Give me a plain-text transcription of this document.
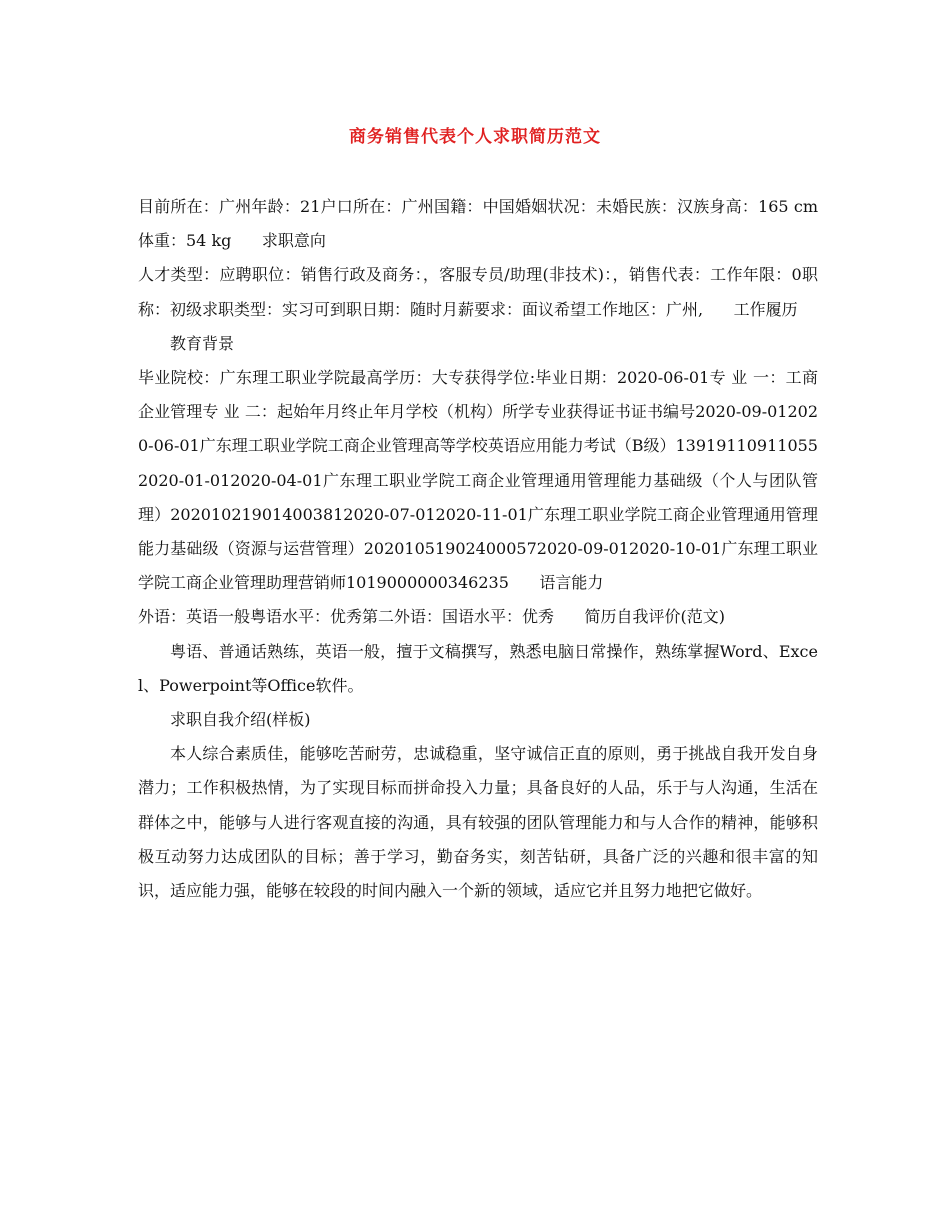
商务销售代表个人求职简历范文

目前所在：广州年龄：21户口所在：广州国籍：中国婚姻状况：未婚民族：汉族身高：165 cm体重：54 kg      求职意向

人才类型：应聘职位：销售行政及商务：，客服专员/助理(非技术)：，销售代表：工作年限：0职称：初级求职类型：实习可到职日期：随时月薪要求：面议希望工作地区：广州,      工作履历

教育背景

毕业院校：广东理工职业学院最高学历：大专获得学位:毕业日期：2020-06-01专 业 一：工商企业管理专 业 二：起始年月终止年月学校（机构）所学专业获得证书证书编号2020-09-012020-06-01广东理工职业学院工商企业管理高等学校英语应用能力考试（B级）139191109110552020-01-012020-04-01广东理工职业学院工商企业管理通用管理能力基础级（个人与团队管理）202010219014003812020-07-012020-11-01广东理工职业学院工商企业管理通用管理能力基础级（资源与运营管理）202010519024000572020-09-012020-10-01广东理工职业学院工商企业管理助理营销师1019000000346235      语言能力

外语：英语一般粤语水平：优秀第二外语：国语水平：优秀      简历自我评价(范文)

粤语、普通话熟练，英语一般，擅于文稿撰写，熟悉电脑日常操作，熟练掌握Word、Excel、Powerpoint等Office软件。

求职自我介绍(样板)

本人综合素质佳，能够吃苦耐劳，忠诚稳重，坚守诚信正直的原则，勇于挑战自我开发自身潜力；工作积极热情，为了实现目标而拼命投入力量；具备良好的人品，乐于与人沟通，生活在群体之中，能够与人进行客观直接的沟通，具有较强的团队管理能力和与人合作的精神，能够积极互动努力达成团队的目标；善于学习，勤奋务实，刻苦钻研，具备广泛的兴趣和很丰富的知识，适应能力强，能够在较段的时间内融入一个新的领域，适应它并且努力地把它做好。
